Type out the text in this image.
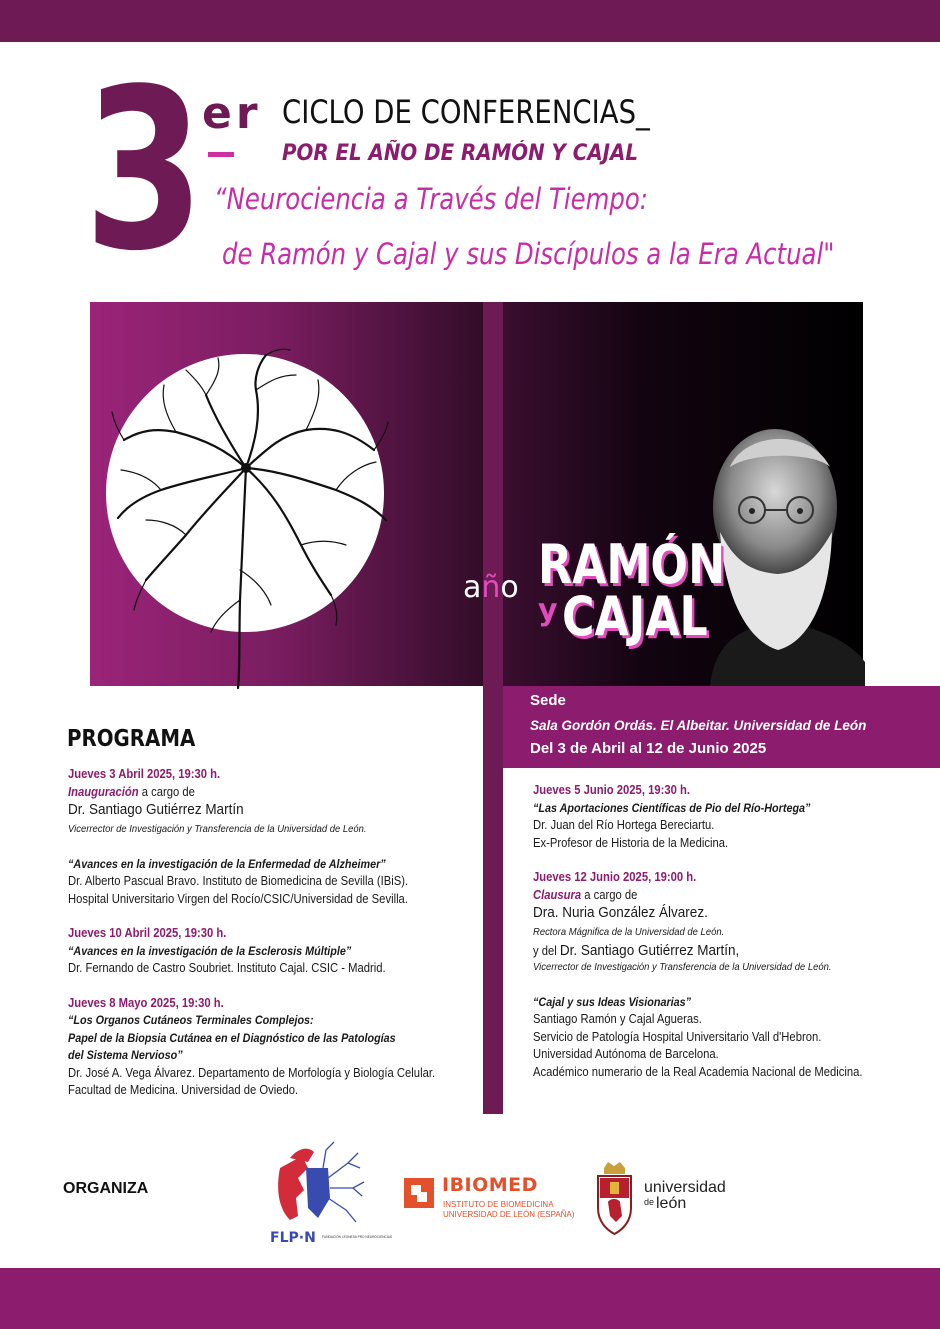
3 er CICLO DE CONFERENCIAS_
POR EL AÑO DE RAMÓN Y CAJAL
“Neurociencia a Través del Tiempo:
de Ramón y Cajal y sus Discípulos a la Era Actual"
año RAMÓN
y CAJAL
Sede
Sala Gordón Ordás. El Albeitar. Universidad de León
Del 3 de Abril al 12 de Junio 2025
PROGRAMA
Jueves 3 Abril 2025, 19:30 h.
Inauguración a cargo de
Dr. Santiago Gutiérrez Martín
Vicerrector de Investigación y Transferencia de la Universidad de León.
“Avances en la investigación de la Enfermedad de Alzheimer”
Dr. Alberto Pascual Bravo. Instituto de Biomedicina de Sevilla (IBiS).
Hospital Universitario Virgen del Rocío/CSIC/Universidad de Sevilla.
Jueves 10 Abril 2025, 19:30 h.
“Avances en la investigación de la Esclerosis Múltiple”
Dr. Fernando de Castro Soubriet. Instituto Cajal. CSIC - Madrid.
Jueves 8 Mayo 2025, 19:30 h.
“Los Organos Cutáneos Terminales Complejos:
Papel de la Biopsia Cutánea en el Diagnóstico de las Patologías
del Sistema Nervioso”
Dr. José A. Vega Álvarez. Departamento de Morfología y Biología Celular.
Facultad de Medicina. Universidad de Oviedo.
Jueves 5 Junio 2025, 19:30 h.
“Las Aportaciones Científicas de Pio del Río-Hortega”
Dr. Juan del Río Hortega Bereciartu.
Ex-Profesor de Historia de la Medicina.
Jueves 12 Junio 2025, 19:00 h.
Clausura a cargo de
Dra. Nuria González Álvarez.
Rectora Mágnifica de la Universidad de León.
y del Dr. Santiago Gutiérrez Martín,
Vicerrector de Investigación y Transferencia de la Universidad de León.
“Cajal y sus Ideas Visionarias”
Santiago Ramón y Cajal Agueras.
Servicio de Patología Hospital Universitario Vall d'Hebron.
Universidad Autónoma de Barcelona.
Académico numerario de la Real Academia Nacional de Medicina.
ORGANIZA
FLP·N FUNDACIÓN LEONESA PRO NEUROCIENCIAS
IBIOMED
INSTITUTO DE BIOMEDICINA
UNIVERSIDAD DE LEÓN (ESPAÑA)
universidad
de león
